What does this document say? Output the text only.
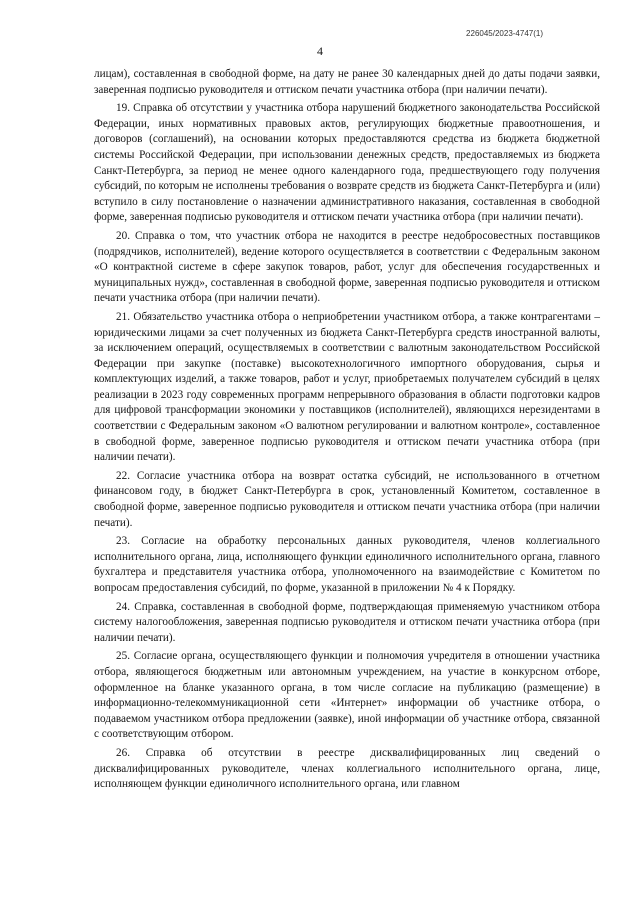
226045/2023-4747(1)
4

лицам), составленная в свободной форме, на дату не ранее 30 календарных дней до даты подачи заявки, заверенная подписью руководителя и оттиском печати участника отбора (при наличии печати).

19. Справка об отсутствии у участника отбора нарушений бюджетного законодательства Российской Федерации, иных нормативных правовых актов, регулирующих бюджетные правоотношения, и договоров (соглашений), на основании которых предоставляются средства из бюджета бюджетной системы Российской Федерации, при использовании денежных средств, предоставляемых из бюджета Санкт-Петербурга, за период не менее одного календарного года, предшествующего году получения субсидий, по которым не исполнены требования о возврате средств из бюджета Санкт-Петербурга и (или) вступило в силу постановление о назначении административного наказания, составленная в свободной форме, заверенная подписью руководителя и оттиском печати участника отбора (при наличии печати).

20. Справка о том, что участник отбора не находится в реестре недобросовестных поставщиков (подрядчиков, исполнителей), ведение которого осуществляется в соответствии с Федеральным законом «О контрактной системе в сфере закупок товаров, работ, услуг для обеспечения государственных и муниципальных нужд», составленная в свободной форме, заверенная подписью руководителя и оттиском печати участника отбора (при наличии печати).

21. Обязательство участника отбора о неприобретении участником отбора, а также контрагентами – юридическими лицами за счет полученных из бюджета Санкт-Петербурга средств иностранной валюты, за исключением операций, осуществляемых в соответствии с валютным законодательством Российской Федерации при закупке (поставке) высокотехнологичного импортного оборудования, сырья и комплектующих изделий, а также товаров, работ и услуг, приобретаемых получателем субсидий в целях реализации в 2023 году современных программ непрерывного образования в области подготовки кадров для цифровой трансформации экономики у поставщиков (исполнителей), являющихся нерезидентами в соответствии с Федеральным законом «О валютном регулировании и валютном контроле», составленное в свободной форме, заверенное подписью руководителя и оттиском печати участника отбора (при наличии печати).

22. Согласие участника отбора на возврат остатка субсидий, не использованного в отчетном финансовом году, в бюджет Санкт-Петербурга в срок, установленный Комитетом, составленное в свободной форме, заверенное подписью руководителя и оттиском печати участника отбора (при наличии печати).

23. Согласие на обработку персональных данных руководителя, членов коллегиального исполнительного органа, лица, исполняющего функции единоличного исполнительного органа, главного бухгалтера и представителя участника отбора, уполномоченного на взаимодействие с Комитетом по вопросам предоставления субсидий, по форме, указанной в приложении № 4 к Порядку.

24. Справка, составленная в свободной форме, подтверждающая применяемую участником отбора систему налогообложения, заверенная подписью руководителя и оттиском печати участника отбора (при наличии печати).

25. Согласие органа, осуществляющего функции и полномочия учредителя в отношении участника отбора, являющегося бюджетным или автономным учреждением, на участие в конкурсном отборе, оформленное на бланке указанного органа, в том числе согласие на публикацию (размещение) в информационно-телекоммуникационной сети «Интернет» информации об участнике отбора, о подаваемом участником отбора предложении (заявке), иной информации об участнике отбора, связанной с соответствующим отбором.

26. Справка об отсутствии в реестре дисквалифицированных лиц сведений о дисквалифицированных руководителе, членах коллегиального исполнительного органа, лице, исполняющем функции единоличного исполнительного органа, или главном
